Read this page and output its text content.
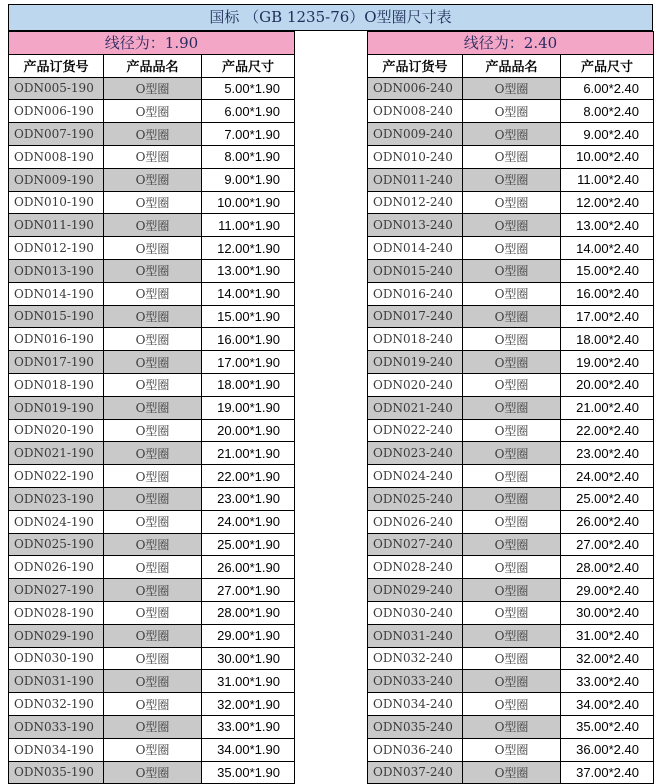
国标 （GB 1235-76）O型圈尺寸表
线径为：1.90		
产品订货号	产品品名	产品尺寸
ODN005-190	O型圈	5.00*1.90
ODN006-190	O型圈	6.00*1.90
ODN007-190	O型圈	7.00*1.90
ODN008-190	O型圈	8.00*1.90
ODN009-190	O型圈	9.00*1.90
ODN010-190	O型圈	10.00*1.90
ODN011-190	O型圈	11.00*1.90
ODN012-190	O型圈	12.00*1.90
ODN013-190	O型圈	13.00*1.90
ODN014-190	O型圈	14.00*1.90
ODN015-190	O型圈	15.00*1.90
ODN016-190	O型圈	16.00*1.90
ODN017-190	O型圈	17.00*1.90
ODN018-190	O型圈	18.00*1.90
ODN019-190	O型圈	19.00*1.90
ODN020-190	O型圈	20.00*1.90
ODN021-190	O型圈	21.00*1.90
ODN022-190	O型圈	22.00*1.90
ODN023-190	O型圈	23.00*1.90
ODN024-190	O型圈	24.00*1.90
ODN025-190	O型圈	25.00*1.90
ODN026-190	O型圈	26.00*1.90
ODN027-190	O型圈	27.00*1.90
ODN028-190	O型圈	28.00*1.90
ODN029-190	O型圈	29.00*1.90
ODN030-190	O型圈	30.00*1.90
ODN031-190	O型圈	31.00*1.90
ODN032-190	O型圈	32.00*1.90
ODN033-190	O型圈	33.00*1.90
ODN034-190	O型圈	34.00*1.90
ODN035-190	O型圈	35.00*1.90
线径为：2.40		
产品订货号	产品品名	产品尺寸
ODN006-240	O型圈	6.00*2.40
ODN008-240	O型圈	8.00*2.40
ODN009-240	O型圈	9.00*2.40
ODN010-240	O型圈	10.00*2.40
ODN011-240	O型圈	11.00*2.40
ODN012-240	O型圈	12.00*2.40
ODN013-240	O型圈	13.00*2.40
ODN014-240	O型圈	14.00*2.40
ODN015-240	O型圈	15.00*2.40
ODN016-240	O型圈	16.00*2.40
ODN017-240	O型圈	17.00*2.40
ODN018-240	O型圈	18.00*2.40
ODN019-240	O型圈	19.00*2.40
ODN020-240	O型圈	20.00*2.40
ODN021-240	O型圈	21.00*2.40
ODN022-240	O型圈	22.00*2.40
ODN023-240	O型圈	23.00*2.40
ODN024-240	O型圈	24.00*2.40
ODN025-240	O型圈	25.00*2.40
ODN026-240	O型圈	26.00*2.40
ODN027-240	O型圈	27.00*2.40
ODN028-240	O型圈	28.00*2.40
ODN029-240	O型圈	29.00*2.40
ODN030-240	O型圈	30.00*2.40
ODN031-240	O型圈	31.00*2.40
ODN032-240	O型圈	32.00*2.40
ODN033-240	O型圈	33.00*2.40
ODN034-240	O型圈	34.00*2.40
ODN035-240	O型圈	35.00*2.40
ODN036-240	O型圈	36.00*2.40
ODN037-240	O型圈	37.00*2.40
